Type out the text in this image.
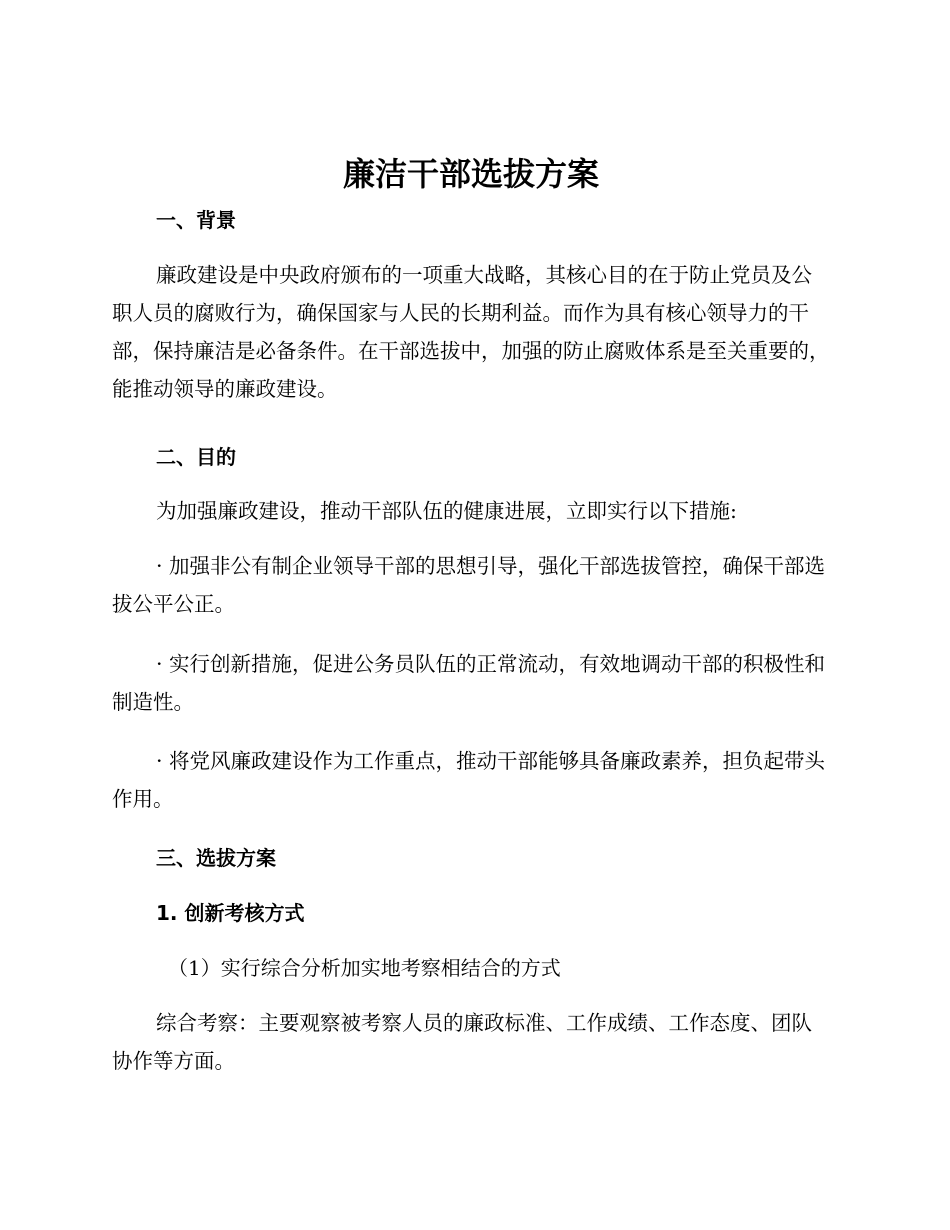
廉洁干部选拔方案
一、背景

廉政建设是中央政府颁布的一项重大战略，其核心目的在于防止党员及公职人员的腐败行为，确保国家与人民的长期利益。而作为具有核心领导力的干部，保持廉洁是必备条件。在干部选拔中，加强的防止腐败体系是至关重要的，能推动领导的廉政建设。

二、目的

为加强廉政建设，推动干部队伍的健康进展，立即实行以下措施:

· 加强非公有制企业领导干部的思想引导，强化干部选拔管控，确保干部选拔公平公正。

· 实行创新措施，促进公务员队伍的正常流动，有效地调动干部的积极性和制造性。

· 将党风廉政建设作为工作重点，推动干部能够具备廉政素养，担负起带头作用。

三、选拔方案
1. 创新考核方式

（1）实行综合分析加实地考察相结合的方式

综合考察：主要观察被考察人员的廉政标准、工作成绩、工作态度、团队协作等方面。
